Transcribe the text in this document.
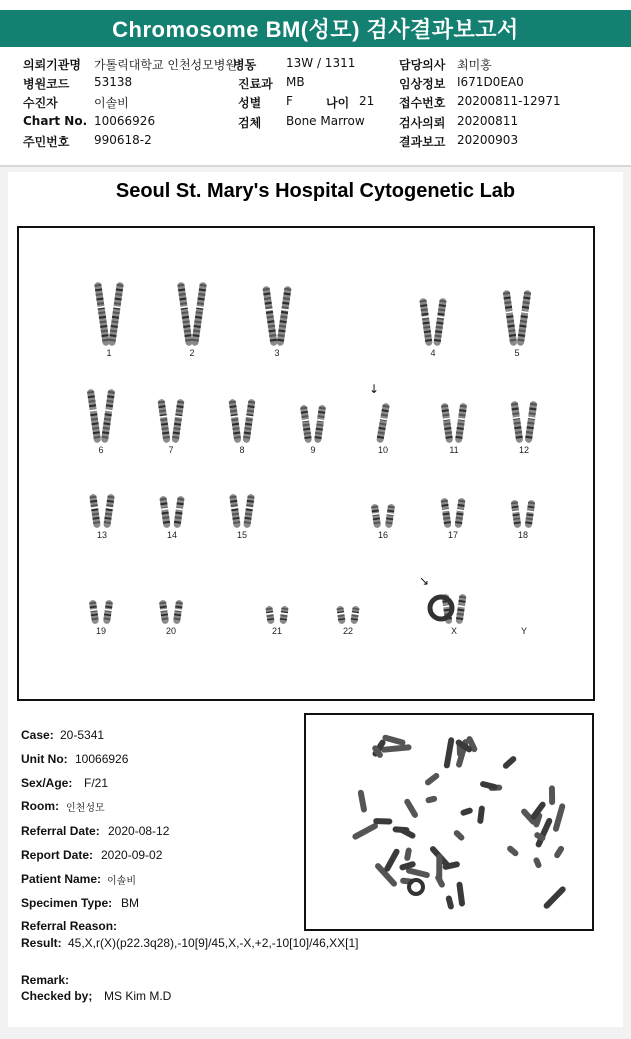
Chromosome BM(성모) 검사결과보고서
의뢰기관명 가톨릭대학교 인천성모병원
병동 13W / 1311	담당의사 최미홍
병원코드 53138	진료과 MB	임상정보 I671D0EA0
수진자	이솔비	성별 F	나이 21 접수번호 20200811-12971
Chart No. 10066926	검체 Bone Marrow	검사의뢰 20200811
주민번호 990618-2	결과보고 20200903
Seoul St. Mary's Hospital Cytogenetic Lab
1	2	3	4	5
6	7	8	9	10	11	12
13	14	15	16	17	18
19	20	21	22	X	Y
↓
↘
Case: 20-5341
Unit No: 10066926
Sex/Age: F/21
Room: 인천성모
Referral Date: 2020-08-12
Report Date: 2020-09-02
Patient Name: 이솔비
Specimen Type: BM
Referral Reason:
Result: 45,X,r(X)(p22.3q28),-10[9]/45,X,-X,+2,-10[10]/46,XX[1]
Remark:
Checked by; MS Kim M.D
